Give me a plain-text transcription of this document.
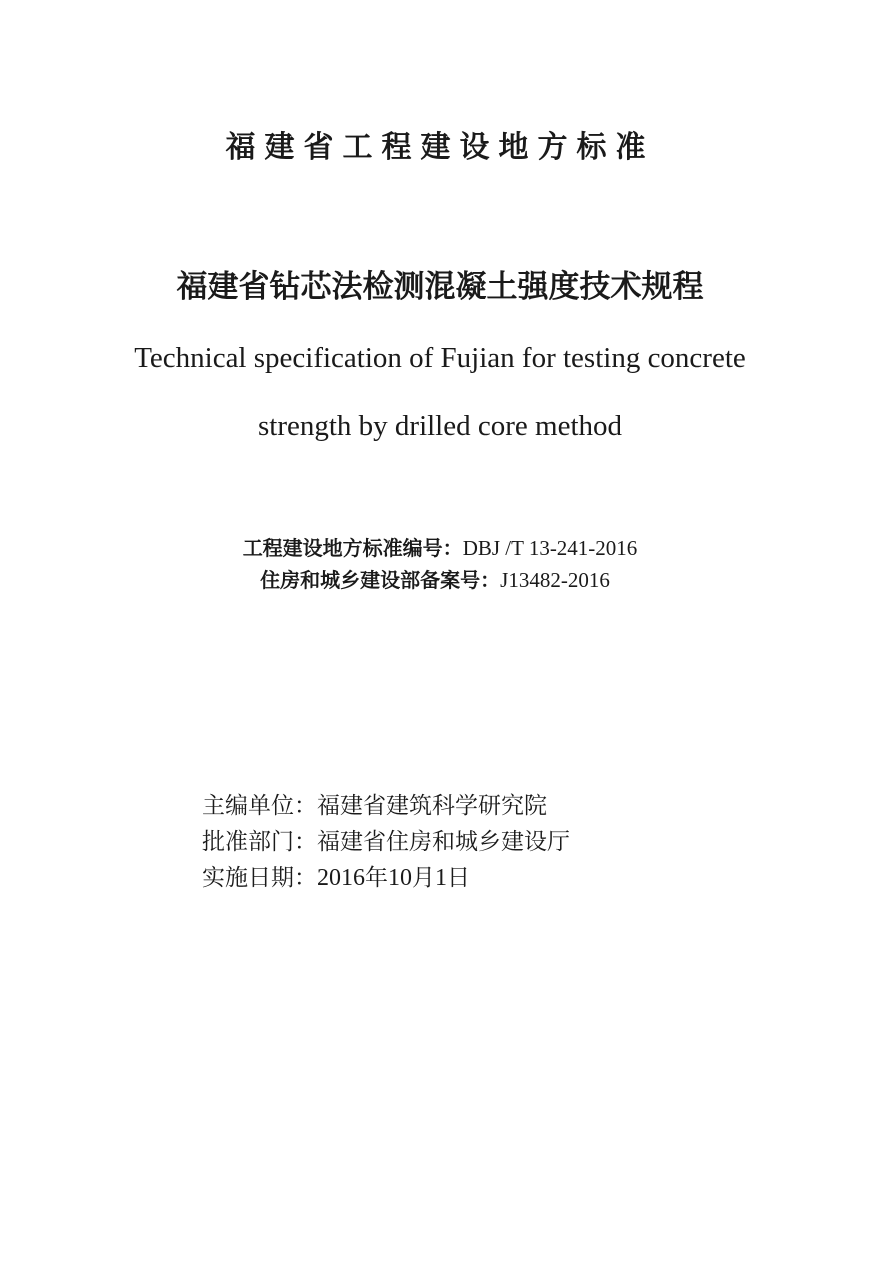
福建省工程建设地方标准
福建省钻芯法检测混凝土强度技术规程
Technical specification of Fujian for testing concrete
strength by drilled core method
工程建设地方标准编号：DBJ /T 13-241-2016
住房和城乡建设部备案号：J13482-2016
主编单位：福建省建筑科学研究院
批准部门：福建省住房和城乡建设厅
实施日期：2016年10月1日
